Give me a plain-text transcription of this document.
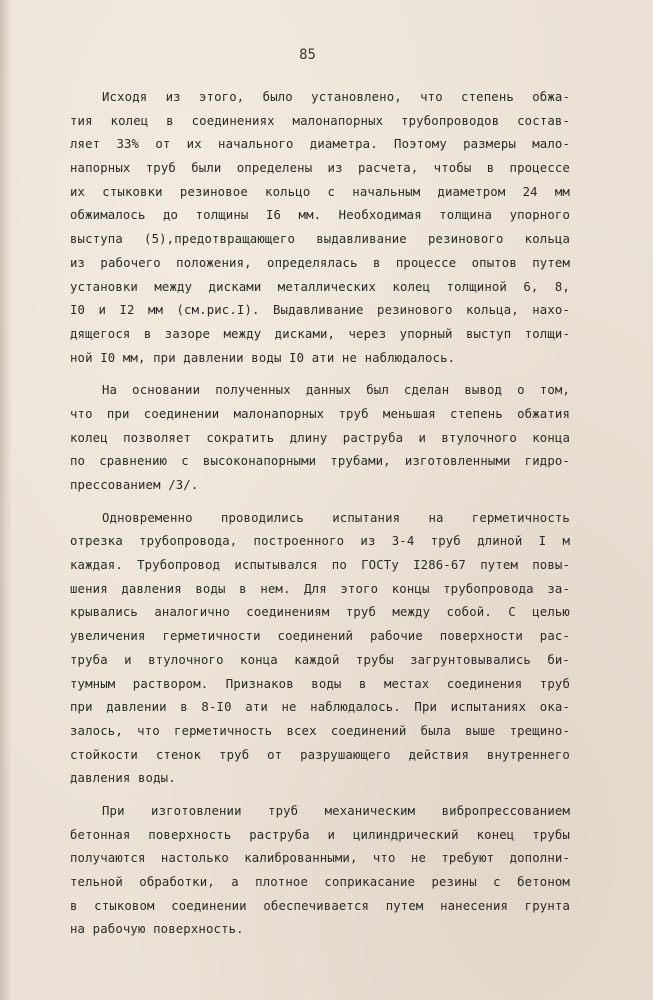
85
Исходя из этого, было установлено, что степень обжа-
тия колец в соединениях малонапорных трубопроводов состав-
ляет 33% от их начального диаметра. Поэтому размеры мало-
напорных труб были определены из расчета, чтобы в процессе
их стыковки резиновое кольцо с начальным диаметром 24 мм
обжималось до толщины I6 мм. Необходимая толщина упорного
выступа (5),предотвращающего выдавливание резинового кольца
из рабочего положения, определялась в процессе опытов путем
установки между дисками металлических колец толщиной 6, 8,
I0 и I2 мм (см.рис.I). Выдавливание резинового кольца, нахо-
дящегося в зазоре между дисками, через упорный выступ толщи-
ной I0 мм, при давлении воды I0 ати не наблюдалось.
На основании полученных данных был сделан вывод о том,
что при соединении малонапорных труб меньшая степень обжатия
колец позволяет сократить длину раструба и втулочного конца
по сравнению с высоконапорными трубами, изготовленными гидро-
прессованием /3/.
Одновременно проводились испытания на герметичность
отрезка трубопровода, построенного из 3-4 труб длиной I м
каждая. Трубопровод испытывался по ГОСТу I286-67 путем повы-
шения давления воды в нем. Для этого концы трубопровода за-
крывались аналогично соединениям труб между собой. С целью
увеличения герметичности соединений рабочие поверхности рас-
труба и втулочного конца каждой трубы загрунтовывались би-
тумным раствором. Признаков воды в местах соединения труб
при давлении в 8-I0 ати не наблюдалось. При испытаниях ока-
залось, что герметичность всех соединений была выше трещино-
стойкости стенок труб от разрушающего действия внутреннего
давления воды.
При изготовлении труб механическим вибропрессованием
бетонная поверхность раструба и цилиндрический конец трубы
получаются настолько калиброванными, что не требуют дополни-
тельной обработки, а плотное соприкасание резины с бетоном
в стыковом соединении обеспечивается путем нанесения грунта
на рабочую поверхность.
